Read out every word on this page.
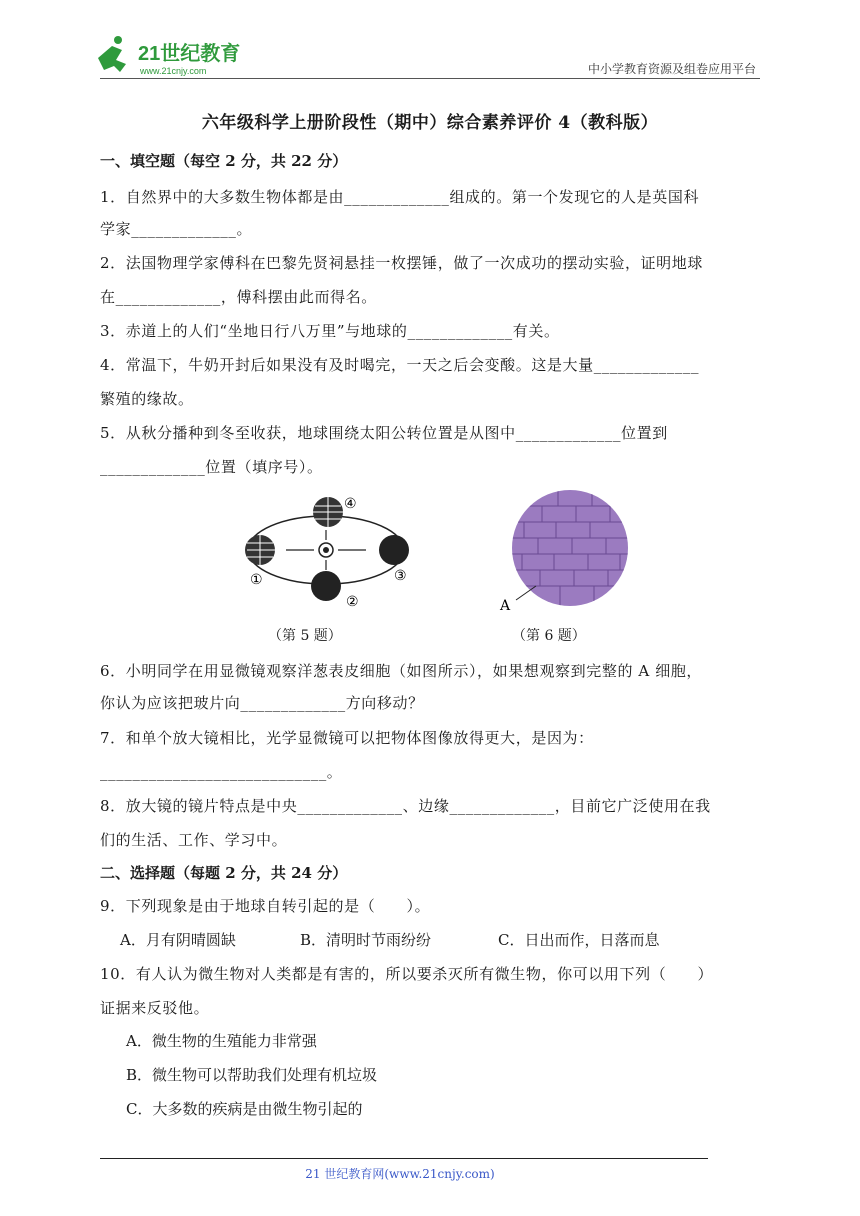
21世纪教育
www.21cnjy.com	中小学教育资源及组卷应用平台
六年级科学上册阶段性（期中）综合素养评价 4（教科版）
一、填空题（每空 2 分，共 22 分）
1．自然界中的大多数生物体都是由_____________组成的。第一个发现它的人是英国科
学家_____________。
2．法国物理学家傅科在巴黎先贤祠悬挂一枚摆锤，做了一次成功的摆动实验，证明地球
在_____________，傅科摆由此而得名。
3．赤道上的人们“坐地日行八万里”与地球的_____________有关。
4．常温下，牛奶开封后如果没有及时喝完，一天之后会变酸。这是大量_____________
繁殖的缘故。
5．从秋分播种到冬至收获，地球围绕太阳公转位置是从图中_____________位置到
_____________位置（填序号）。
①
②
③
④
A
（第 5 题）	（第 6 题）
6．小明同学在用显微镜观察洋葱表皮细胞（如图所示），如果想观察到完整的 A 细胞，
你认为应该把玻片向_____________方向移动？
7．和单个放大镜相比，光学显微镜可以把物体图像放得更大，是因为：
____________________________。
8．放大镜的镜片特点是中央_____________、边缘_____________，目前它广泛使用在我
们的生活、工作、学习中。
二、选择题（每题 2 分，共 24 分）
9．下列现象是由于地球自转引起的是（　　）。
A．月有阴晴圆缺	B．清明时节雨纷纷	C．日出而作，日落而息
10．有人认为微生物对人类都是有害的，所以要杀灭所有微生物，你可以用下列（　　）
证据来反驳他。
A．微生物的生殖能力非常强
B．微生物可以帮助我们处理有机垃圾
C．大多数的疾病是由微生物引起的
21 世纪教育网(www.21cnjy.com)
